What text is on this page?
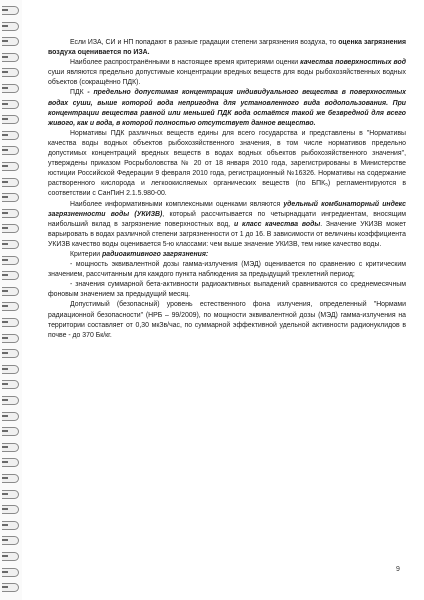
Если ИЗА, СИ и НП попадают в разные градации степени загрязнения воздуха, то оценка загрязнения воздуха оценивается по ИЗА.

Наиболее распространёнными в настоящее время критериями оценки качества поверхностных вод суши являются предельно допустимые концентрации вредных веществ для воды рыбохозяйственных водных объектов (сокращённо ПДК).

ПДК - предельно допустимая концентрация индивидуального вещества в поверхностных водах суши, выше которой вода непригодна для установленного вида водопользования. При концентрации вещества равной или меньшей ПДК вода остаётся такой же безвредной для всего живого, как и вода, в которой полностью отсутствует данное вещество.

Нормативы ПДК различных веществ едины для всего государства и представлены в "Нормативы качества воды водных объектов рыбохозяйственного значения, в том числе нормативов предельно допустимых концентраций вредных веществ в водах водных объектов рыбохозяйственного значения", утверждены приказом Росрыболовства № 20 от 18 января 2010 года, зарегистрированы в Министерстве юстиции Российской Федерации 9 февраля 2010 года, регистрационный №16326. Нормативы на содержание растворенного кислорода и легкоокисляемых органических веществ (по БПК₅) регламентируются в соответствии с СанПиН 2.1.5.980-00.

Наиболее информативными комплексными оценками являются удельный комбинаторный индекс загрязненности воды (УКИЗВ), который рассчитывается по четырнадцати ингредиентам, вносящим наибольший вклад в загрязнение поверхностных вод, и класс качества воды. Значение УКИЗВ может варьировать в водах различной степени загрязненности от 1 до 16. В зависимости от величины коэффициента УКИЗВ качество воды оценивается 5-ю классами: чем выше значение УКИЗВ, тем ниже качество воды.

Критерии радиоактивного загрязнения:

- мощность эквивалентной дозы гамма-излучения (МЭД) оценивается по сравнению с критическим значением, рассчитанным для каждого пункта наблюдения за предыдущий трехлетний период;

- значения суммарной бета-активности радиоактивных выпадений сравниваются со среднемесячным фоновым значением за предыдущий месяц.

Допустимый (безопасный) уровень естественного фона излучения, определенный "Нормами радиационной безопасности" (НРБ – 99/2009), по мощности эквивалентной дозы (МЭД) гамма-излучения на территории составляет от 0,30 мкЗв/час, по суммарной эффективной удельной активности радионуклидов в почве - до 370 Бк/кг.

9
